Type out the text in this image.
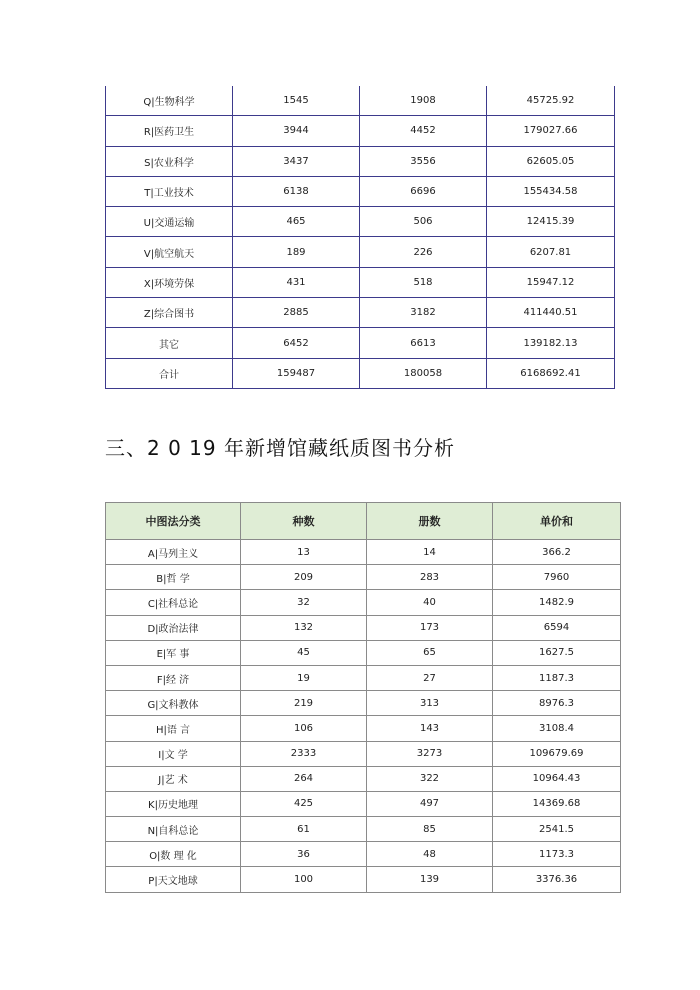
Q|生物科学	1545	1908	45725.92
R|医药卫生	3944	4452	179027.66
S|农业科学	3437	3556	62605.05
T|工业技术	6138	6696	155434.58
U|交通运输	465	506	12415.39
V|航空航天	189	226	6207.81
X|环境劳保	431	518	15947.12
Z|综合图书	2885	3182	411440.51
其它	6452	6613	139182.13
合计	159487	180058	6168692.41
三、2 0 19 年新增馆藏纸质图书分析
中图法分类	种数	册数	单价和
A|马列主义	13	14	366.2
B|哲 学	209	283	7960
C|社科总论	32	40	1482.9
D|政治法律	132	173	6594
E|军 事	45	65	1627.5
F|经 济	19	27	1187.3
G|文科教体	219	313	8976.3
H|语 言	106	143	3108.4
I|文 学	2333	3273	109679.69
J|艺 术	264	322	10964.43
K|历史地理	425	497	14369.68
N|自科总论	61	85	2541.5
O|数 理 化	36	48	1173.3
P|天文地球	100	139	3376.36
